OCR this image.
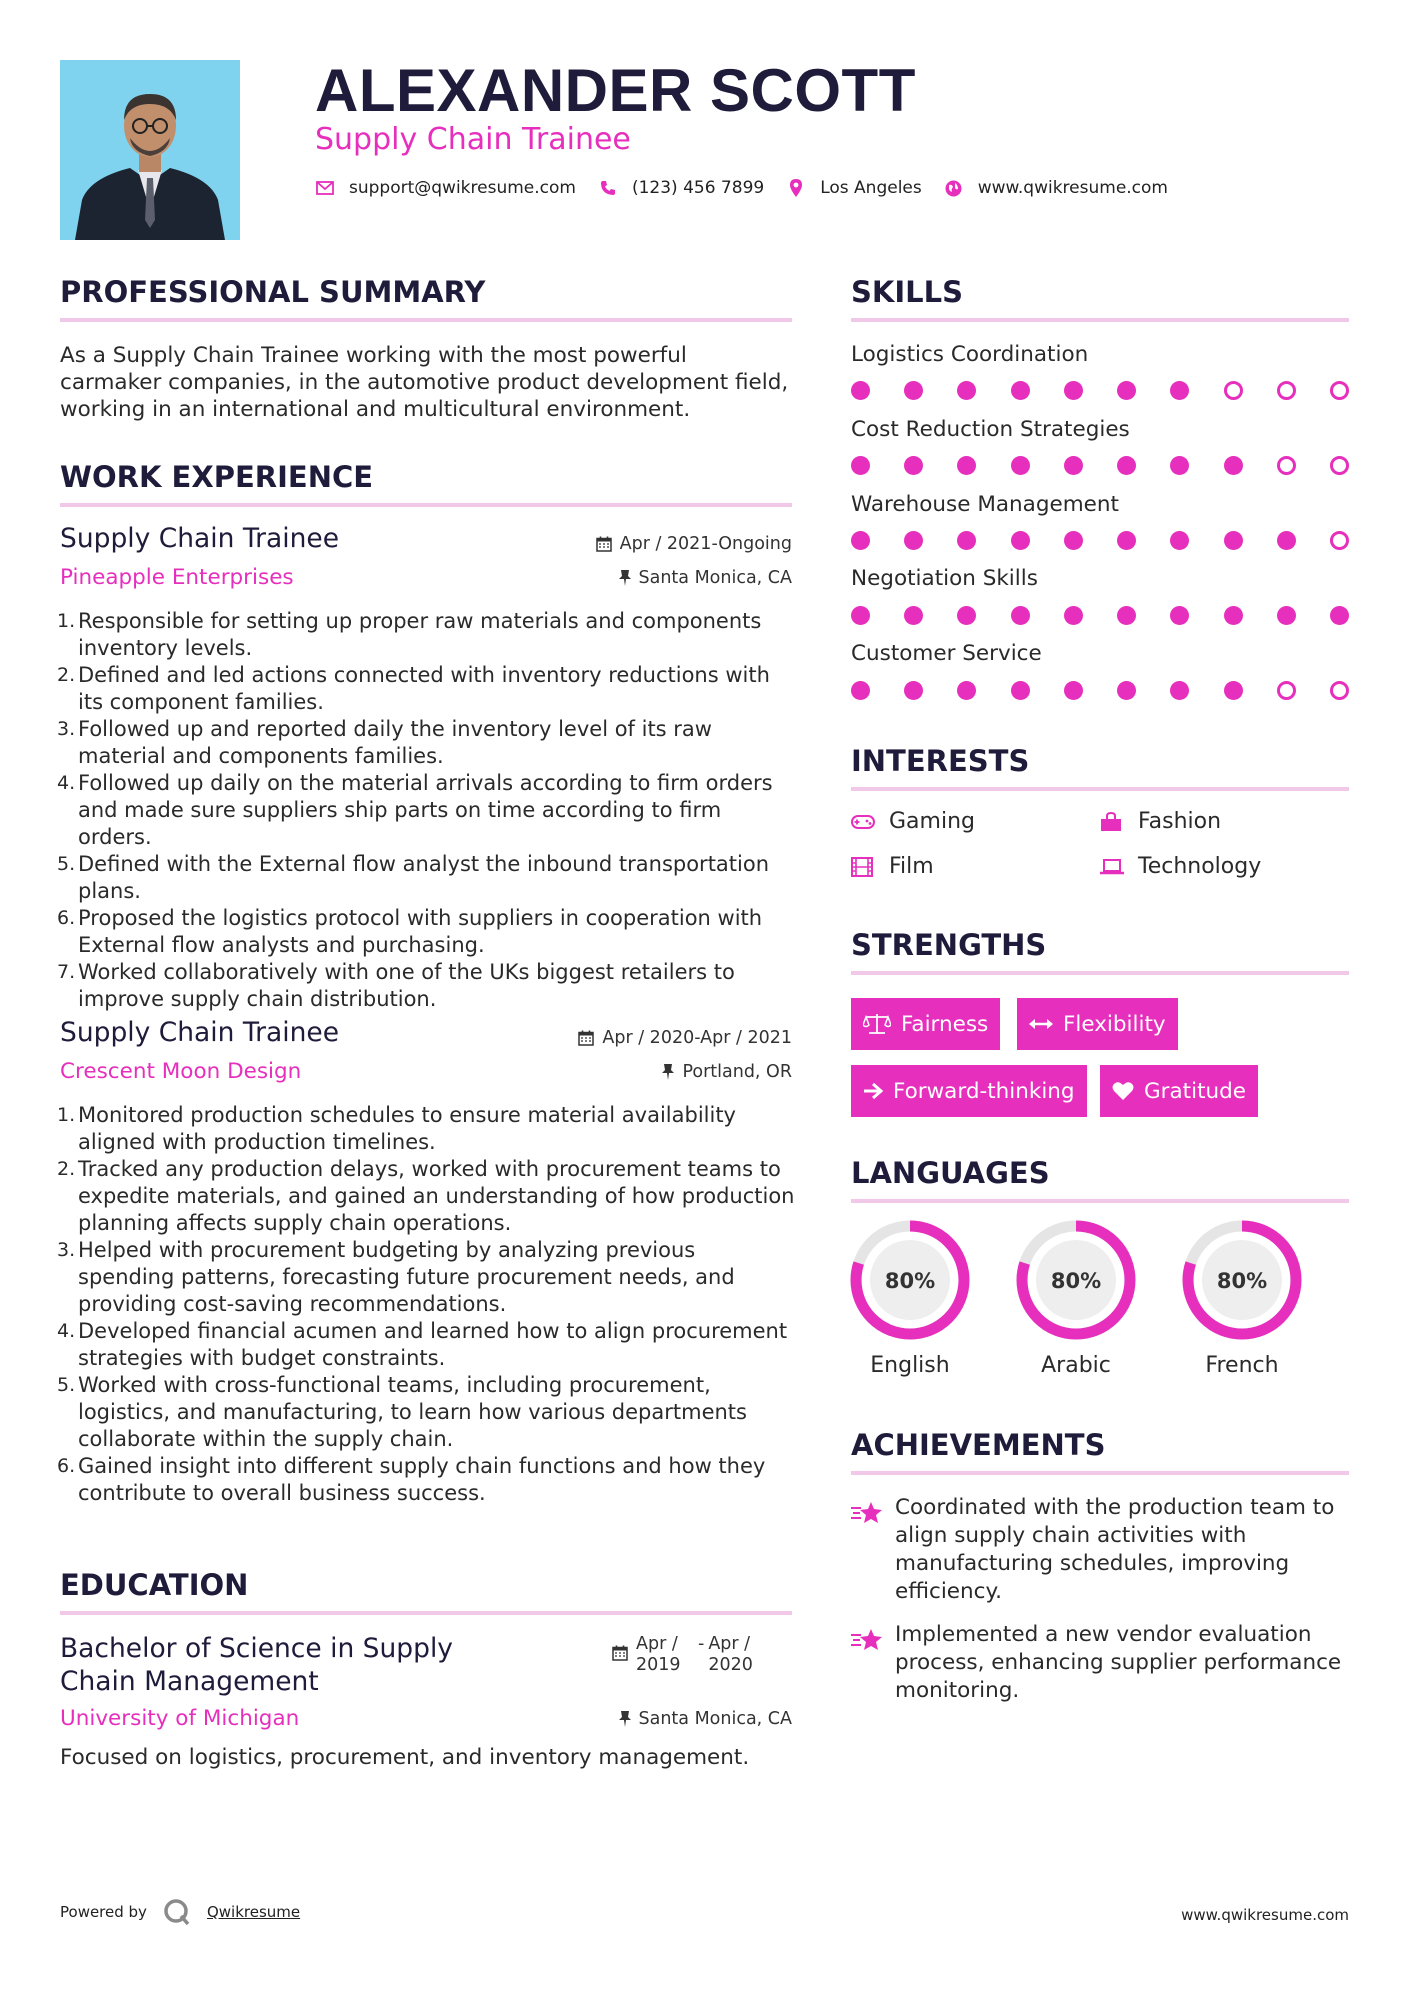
ALEXANDER SCOTT
Supply Chain Trainee
support@qwikresume.com	(123) 456 7899	Los Angeles	www.qwikresume.com
PROFESSIONAL SUMMARY
As a Supply Chain Trainee working with the most powerful carmaker companies, in the automotive product development field, working in an international and multicultural environment.
WORK EXPERIENCE
Supply Chain Trainee	Apr / 2021-Ongoing
Pineapple Enterprises	Santa Monica, CA
1. Responsible for setting up proper raw materials and components inventory levels.
2. Defined and led actions connected with inventory reductions with its component families.
3. Followed up and reported daily the inventory level of its raw material and components families.
4. Followed up daily on the material arrivals according to firm orders and made sure suppliers ship parts on time according to firm orders.
5. Defined with the External flow analyst the inbound transportation plans.
6. Proposed the logistics protocol with suppliers in cooperation with External flow analysts and purchasing.
7. Worked collaboratively with one of the UKs biggest retailers to improve supply chain distribution.
Supply Chain Trainee	Apr / 2020-Apr / 2021
Crescent Moon Design	Portland, OR
1. Monitored production schedules to ensure material availability aligned with production timelines.
2. Tracked any production delays, worked with procurement teams to expedite materials, and gained an understanding of how production planning affects supply chain operations.
3. Helped with procurement budgeting by analyzing previous spending patterns, forecasting future procurement needs, and providing cost-saving recommendations.
4. Developed financial acumen and learned how to align procurement strategies with budget constraints.
5. Worked with cross-functional teams, including procurement, logistics, and manufacturing, to learn how various departments collaborate within the supply chain.
6. Gained insight into different supply chain functions and how they contribute to overall business success.
EDUCATION
Bachelor of Science in Supply Chain Management
Apr / 2019
- Apr / 2020
University of Michigan	Santa Monica, CA
Focused on logistics, procurement, and inventory management.
SKILLS
Logistics Coordination
Cost Reduction Strategies
Warehouse Management
Negotiation Skills
Customer Service
INTERESTS
Gaming	Fashion
Film	Technology
STRENGTHS
Fairness	Flexibility
Forward-thinking	Gratitude
LANGUAGES
80%
English
80%
Arabic
80%
French
ACHIEVEMENTS
Coordinated with the production team to align supply chain activities with manufacturing schedules, improving efficiency.
Implemented a new vendor evaluation process, enhancing supplier performance monitoring.
Powered by	Qwikresume	www.qwikresume.com
